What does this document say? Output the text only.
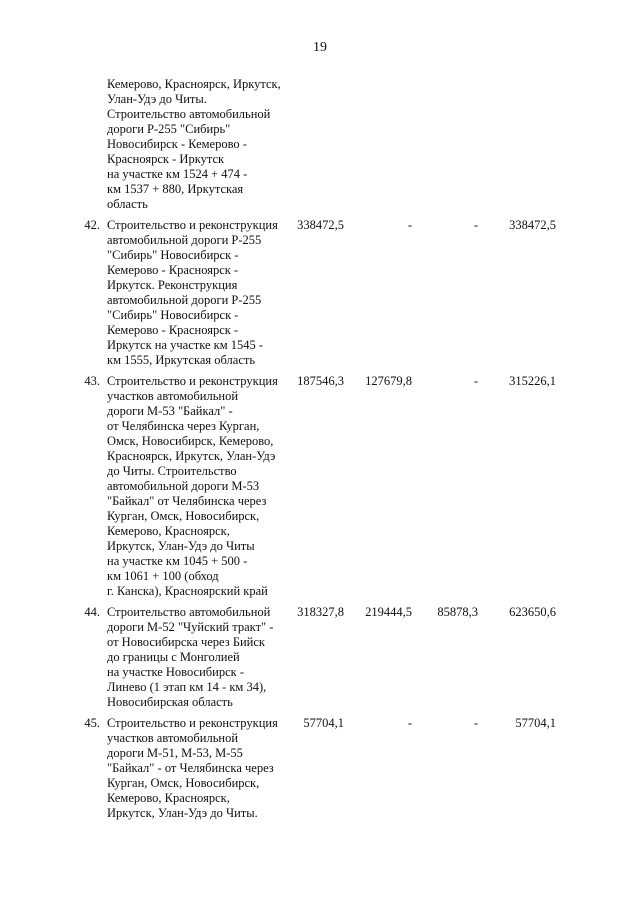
19
Кемерово, Красноярск, Иркутск,
Улан-Удэ до Читы.
Строительство автомобильной
дороги Р-255 "Сибирь"
Новосибирск - Кемерово -
Красноярск - Иркутск
на участке км 1524 + 474 -
км 1537 + 880, Иркутская
область
42. Строительство и реконструкция
автомобильной дороги Р-255
"Сибирь" Новосибирск -
Кемерово - Красноярск -
Иркутск. Реконструкция
автомобильной дороги Р-255
"Сибирь" Новосибирск -
Кемерово - Красноярск -
Иркутск на участке км 1545 -
км 1555, Иркутская область
338472,5	-	-	338472,5
43. Строительство и реконструкция
участков автомобильной
дороги М-53 "Байкал" -
от Челябинска через Курган,
Омск, Новосибирск, Кемерово,
Красноярск, Иркутск, Улан-Удэ
до Читы. Строительство
автомобильной дороги М-53
"Байкал" от Челябинска через
Курган, Омск, Новосибирск,
Кемерово, Красноярск,
Иркутск, Улан-Удэ до Читы
на участке км 1045 + 500 -
км 1061 + 100 (обход
г. Канска), Красноярский край
187546,3	127679,8	-	315226,1
44. Строительство автомобильной
дороги М-52 "Чуйский тракт" -
от Новосибирска через Бийск
до границы с Монголией
на участке Новосибирск -
Линево (1 этап км 14 - км 34),
Новосибирская область
318327,8	219444,5	85878,3	623650,6
45. Строительство и реконструкция
участков автомобильной
дороги М-51, М-53, М-55
"Байкал" - от Челябинска через
Курган, Омск, Новосибирск,
Кемерово, Красноярск,
Иркутск, Улан-Удэ до Читы.
57704,1	-	-	57704,1
